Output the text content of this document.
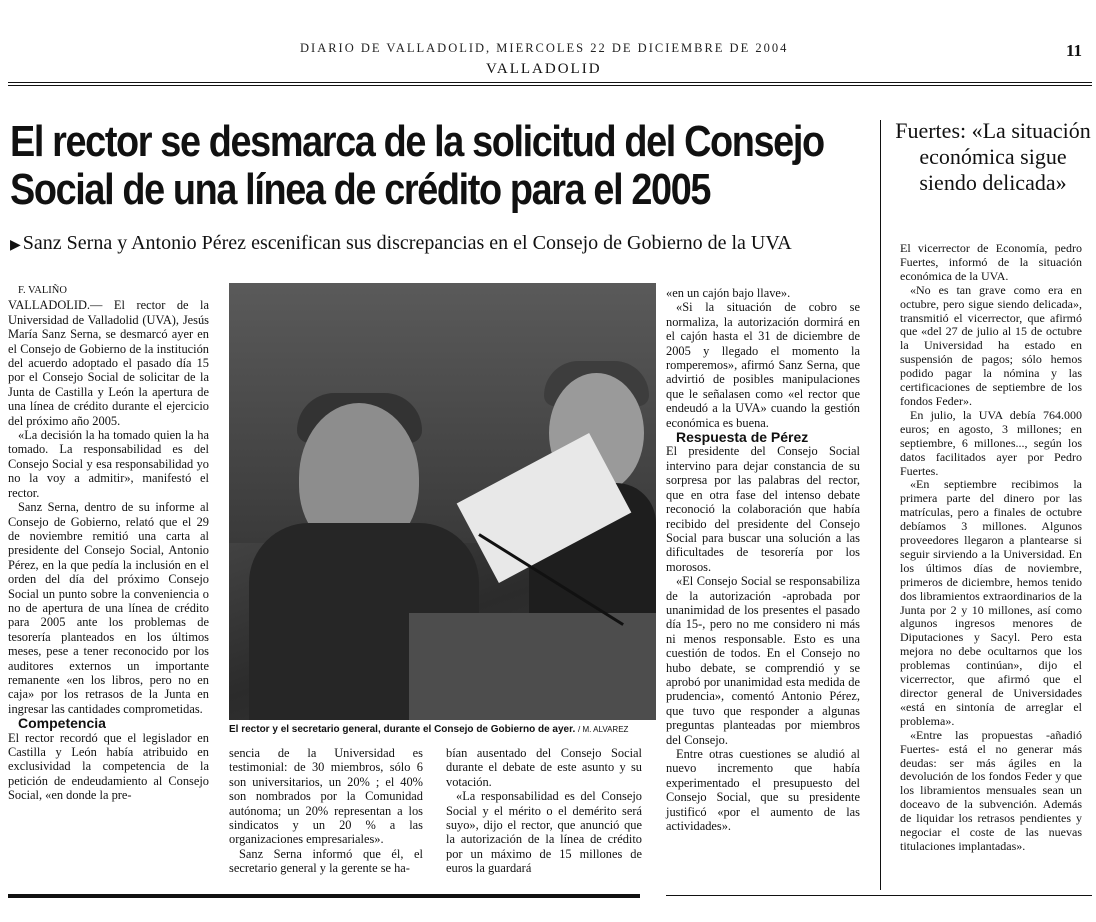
DIARIO DE VALLADOLID, MIERCOLES 22 DE DICIEMBRE DE 2004	11
VALLADOLID
El rector se desmarca de la solicitud del Consejo
Social de una línea de crédito para el 2005
▶ Sanz Serna y Antonio Pérez escenifican sus discrepancias en el Consejo de Gobierno de la UVA

F. VALIÑO

VALLADOLID.— El rector de la Universidad de Valladolid (UVA), Jesús María Sanz Serna, se desmarcó ayer en el Consejo de Gobierno de la institución del acuerdo adoptado el pasado día 15 por el Consejo Social de solicitar de la Junta de Castilla y León la apertura de una línea de crédito durante el ejercicio del próximo año 2005.

«La decisión la ha tomado quien la ha tomado. La responsabilidad es del Consejo Social y esa responsabilidad yo no la voy a admitir», manifestó el rector.

Sanz Serna, dentro de su informe al Consejo de Gobierno, relató que el 29 de noviembre remitió una carta al presidente del Consejo Social, Antonio Pérez, en la que pedía la inclusión en el orden del día del próximo Consejo Social un punto sobre la conveniencia o no de apertura de una línea de crédito para 2005 ante los problemas de tesorería planteados en los últimos meses, pese a tener reconocido por los auditores externos un importante remanente «en los libros, pero no en caja» por los retrasos de la Junta en ingresar las cantidades comprometidas.

Competencia

El rector recordó que el legislador en Castilla y León había atribuido en exclusividad la competencia de la petición de endeudamiento al Consejo Social, «en donde la pre-

El rector y el secretario general, durante el Consejo de Gobierno de ayer. / M. ALVAREZ

sencia de la Universidad es testimonial: de 30 miembros, sólo 6 son universitarios, un 20% ; el 40% son nombrados por la Comunidad autónoma; un 20% representan a los sindicatos y un 20 % a las organizaciones empresariales».

Sanz Serna informó que él, el secretario general y la gerente se ha-

bían ausentado del Consejo Social durante el debate de este asunto y su votación.

«La responsabilidad es del Consejo Social y el mérito o el demérito será suyo», dijo el rector, que anunció que la autorización de la línea de crédito por un máximo de 15 millones de euros la guardará

«en un cajón bajo llave».

«Si la situación de cobro se normaliza, la autorización dormirá en el cajón hasta el 31 de diciembre de 2005 y llegado el momento la romperemos», afirmó Sanz Serna, que advirtió de posibles manipulaciones que le señalasen como «el rector que endeudó a la UVA» cuando la gestión económica es buena.

Respuesta de Pérez

El presidente del Consejo Social intervino para dejar constancia de su sorpresa por las palabras del rector, que en otra fase del intenso debate reconoció la colaboración que había recibido del presidente del Consejo Social para buscar una solución a las dificultades de tesorería por los morosos.

«El Consejo Social se responsabiliza de la autorización -aprobada por unanimidad de los presentes el pasado día 15-, pero no me considero ni más ni menos responsable. Esto es una cuestión de todos. En el Consejo no hubo debate, se comprendió y se aprobó por unanimidad esta medida de prudencia», comentó Antonio Pérez, que tuvo que responder a algunas preguntas planteadas por miembros del Consejo.

Entre otras cuestiones se aludió al nuevo incremento que había experimentado el presupuesto del Consejo Social, que su presidente justificó «por el aumento de las actividades».

Fuertes: «La situación económica sigue siendo delicada»

El vicerrector de Economía, pedro Fuertes, informó de la situación económica de la UVA.

«No es tan grave como era en octubre, pero sigue siendo delicada», transmitió el vicerrector, que afirmó que «del 27 de julio al 15 de octubre la Universidad ha estado en suspensión de pagos; sólo hemos podido pagar la nómina y las certificaciones de septiembre de los fondos Feder».

En julio, la UVA debía 764.000 euros; en agosto, 3 millones; en septiembre, 6 millones..., según los datos facilitados ayer por Pedro Fuertes.

«En septiembre recibimos la primera parte del dinero por las matrículas, pero a finales de octubre debíamos 3 millones. Algunos proveedores llegaron a plantearse si seguir sirviendo a la Universidad. En los últimos días de noviembre, primeros de diciembre, hemos tenido dos libramientos extraordinarios de la Junta por 2 y 10 millones, así como algunos ingresos menores de Diputaciones y Sacyl. Pero esta mejora no debe ocultarnos que los problemas continúan», dijo el vicerrector, que afirmó que el director general de Universidades «está en sintonía de arreglar el problema».

«Entre las propuestas -añadió Fuertes- está el no generar más deudas: ser más ágiles en la devolución de los fondos Feder y que los libramientos mensuales sean un doceavo de la subvención. Además de liquidar los retrasos pendientes y negociar el coste de las nuevas titulaciones implantadas».
